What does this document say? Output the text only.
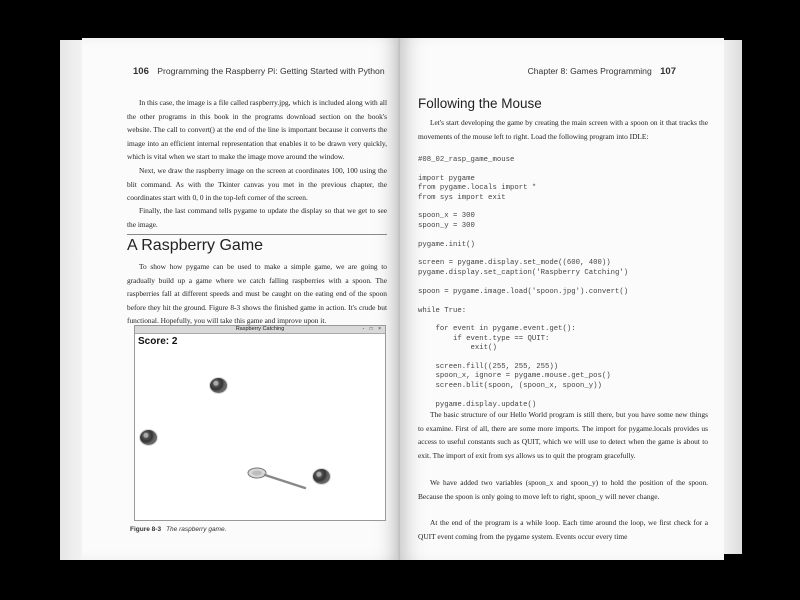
106 Programming the Raspberry Pi: Getting Started with Python
In this case, the image is a file called raspberry.jpg, which is included along with all the other programs in this book in the programs download section on the book's website. The call to convert() at the end of the line is important because it converts the image into an efficient internal representation that enables it to be drawn very quickly, which is vital when we start to make the image move around the window.
Next, we draw the raspberry image on the screen at coordinates 100, 100 using the blit command. As with the Tkinter canvas you met in the previous chapter, the coordinates start with 0, 0 in the top-left corner of the screen.
Finally, the last command tells pygame to update the display so that we get to see the image.
A Raspberry Game
To show how pygame can be used to make a simple game, we are going to gradually build up a game where we catch falling raspberries with a spoon. The raspberries fall at different speeds and must be caught on the eating end of the spoon before they hit the ground. Figure 8-3 shows the finished game in action. It's crude but functional. Hopefully, you will take this game and improve upon it.
Raspberry Catching	- □ ×
Score: 2
Figure 8-3 The raspberry game.
Chapter 8: Games Programming 107
Following the Mouse
Let's start developing the game by creating the main screen with a spoon on it that tracks the movements of the mouse left to right. Load the following program into IDLE:
#08_02_rasp_game_mouse

import pygame
from pygame.locals import *
from sys import exit

spoon_x = 300
spoon_y = 300

pygame.init()

screen = pygame.display.set_mode((600, 400))
pygame.display.set_caption('Raspberry Catching')

spoon = pygame.image.load('spoon.jpg').convert()

while True:

for event in pygame.event.get():
if event.type == QUIT:
exit()

screen.fill((255, 255, 255))
spoon_x, ignore = pygame.mouse.get_pos()
screen.blit(spoon, (spoon_x, spoon_y))

pygame.display.update()
The basic structure of our Hello World program is still there, but you have some new things to examine. First of all, there are some more imports. The import for pygame.locals provides us access to useful constants such as QUIT, which we will use to detect when the game is about to exit. The import of exit from sys allows us to quit the program gracefully.
We have added two variables (spoon_x and spoon_y) to hold the position of the spoon. Because the spoon is only going to move left to right, spoon_y will never change.
At the end of the program is a while loop. Each time around the loop, we first check for a QUIT event coming from the pygame system. Events occur every time
